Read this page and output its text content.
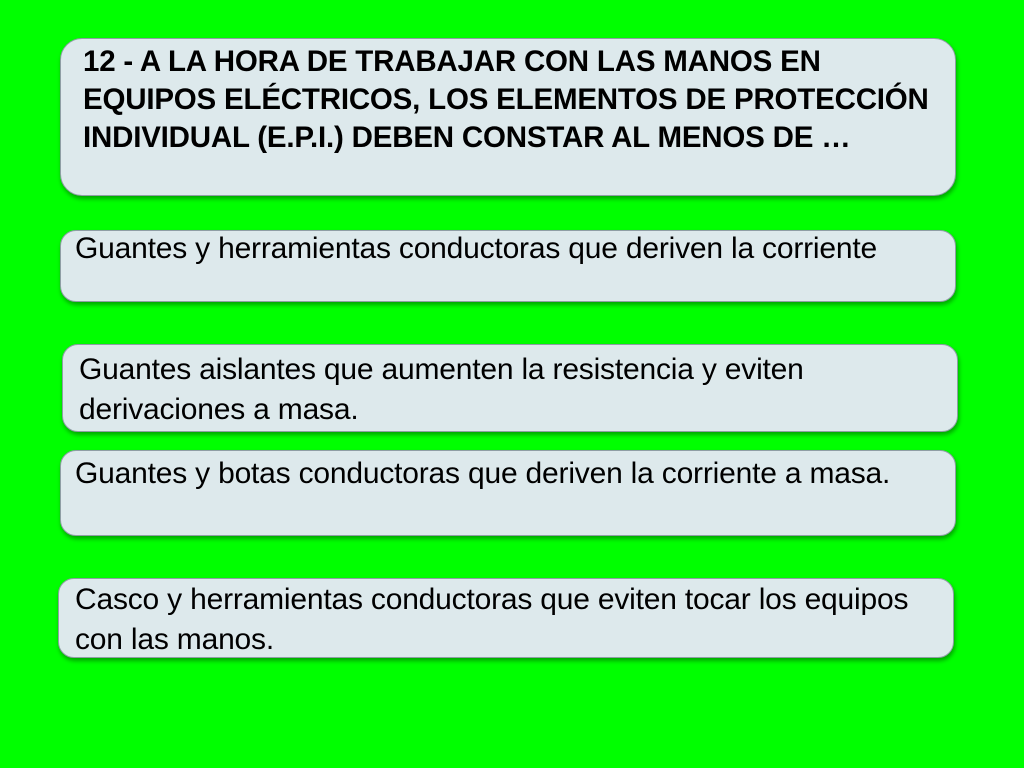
12 - A LA HORA DE TRABAJAR CON LAS MANOS EN EQUIPOS ELÉCTRICOS, LOS ELEMENTOS DE PROTECCIÓN INDIVIDUAL (E.P.I.) DEBEN CONSTAR AL MENOS DE …
Guantes y herramientas conductoras que deriven la corriente
Guantes aislantes que aumenten la resistencia y eviten derivaciones a masa.
Guantes y botas conductoras que deriven la corriente a masa.
Casco y herramientas conductoras que eviten tocar los equipos con las manos.
